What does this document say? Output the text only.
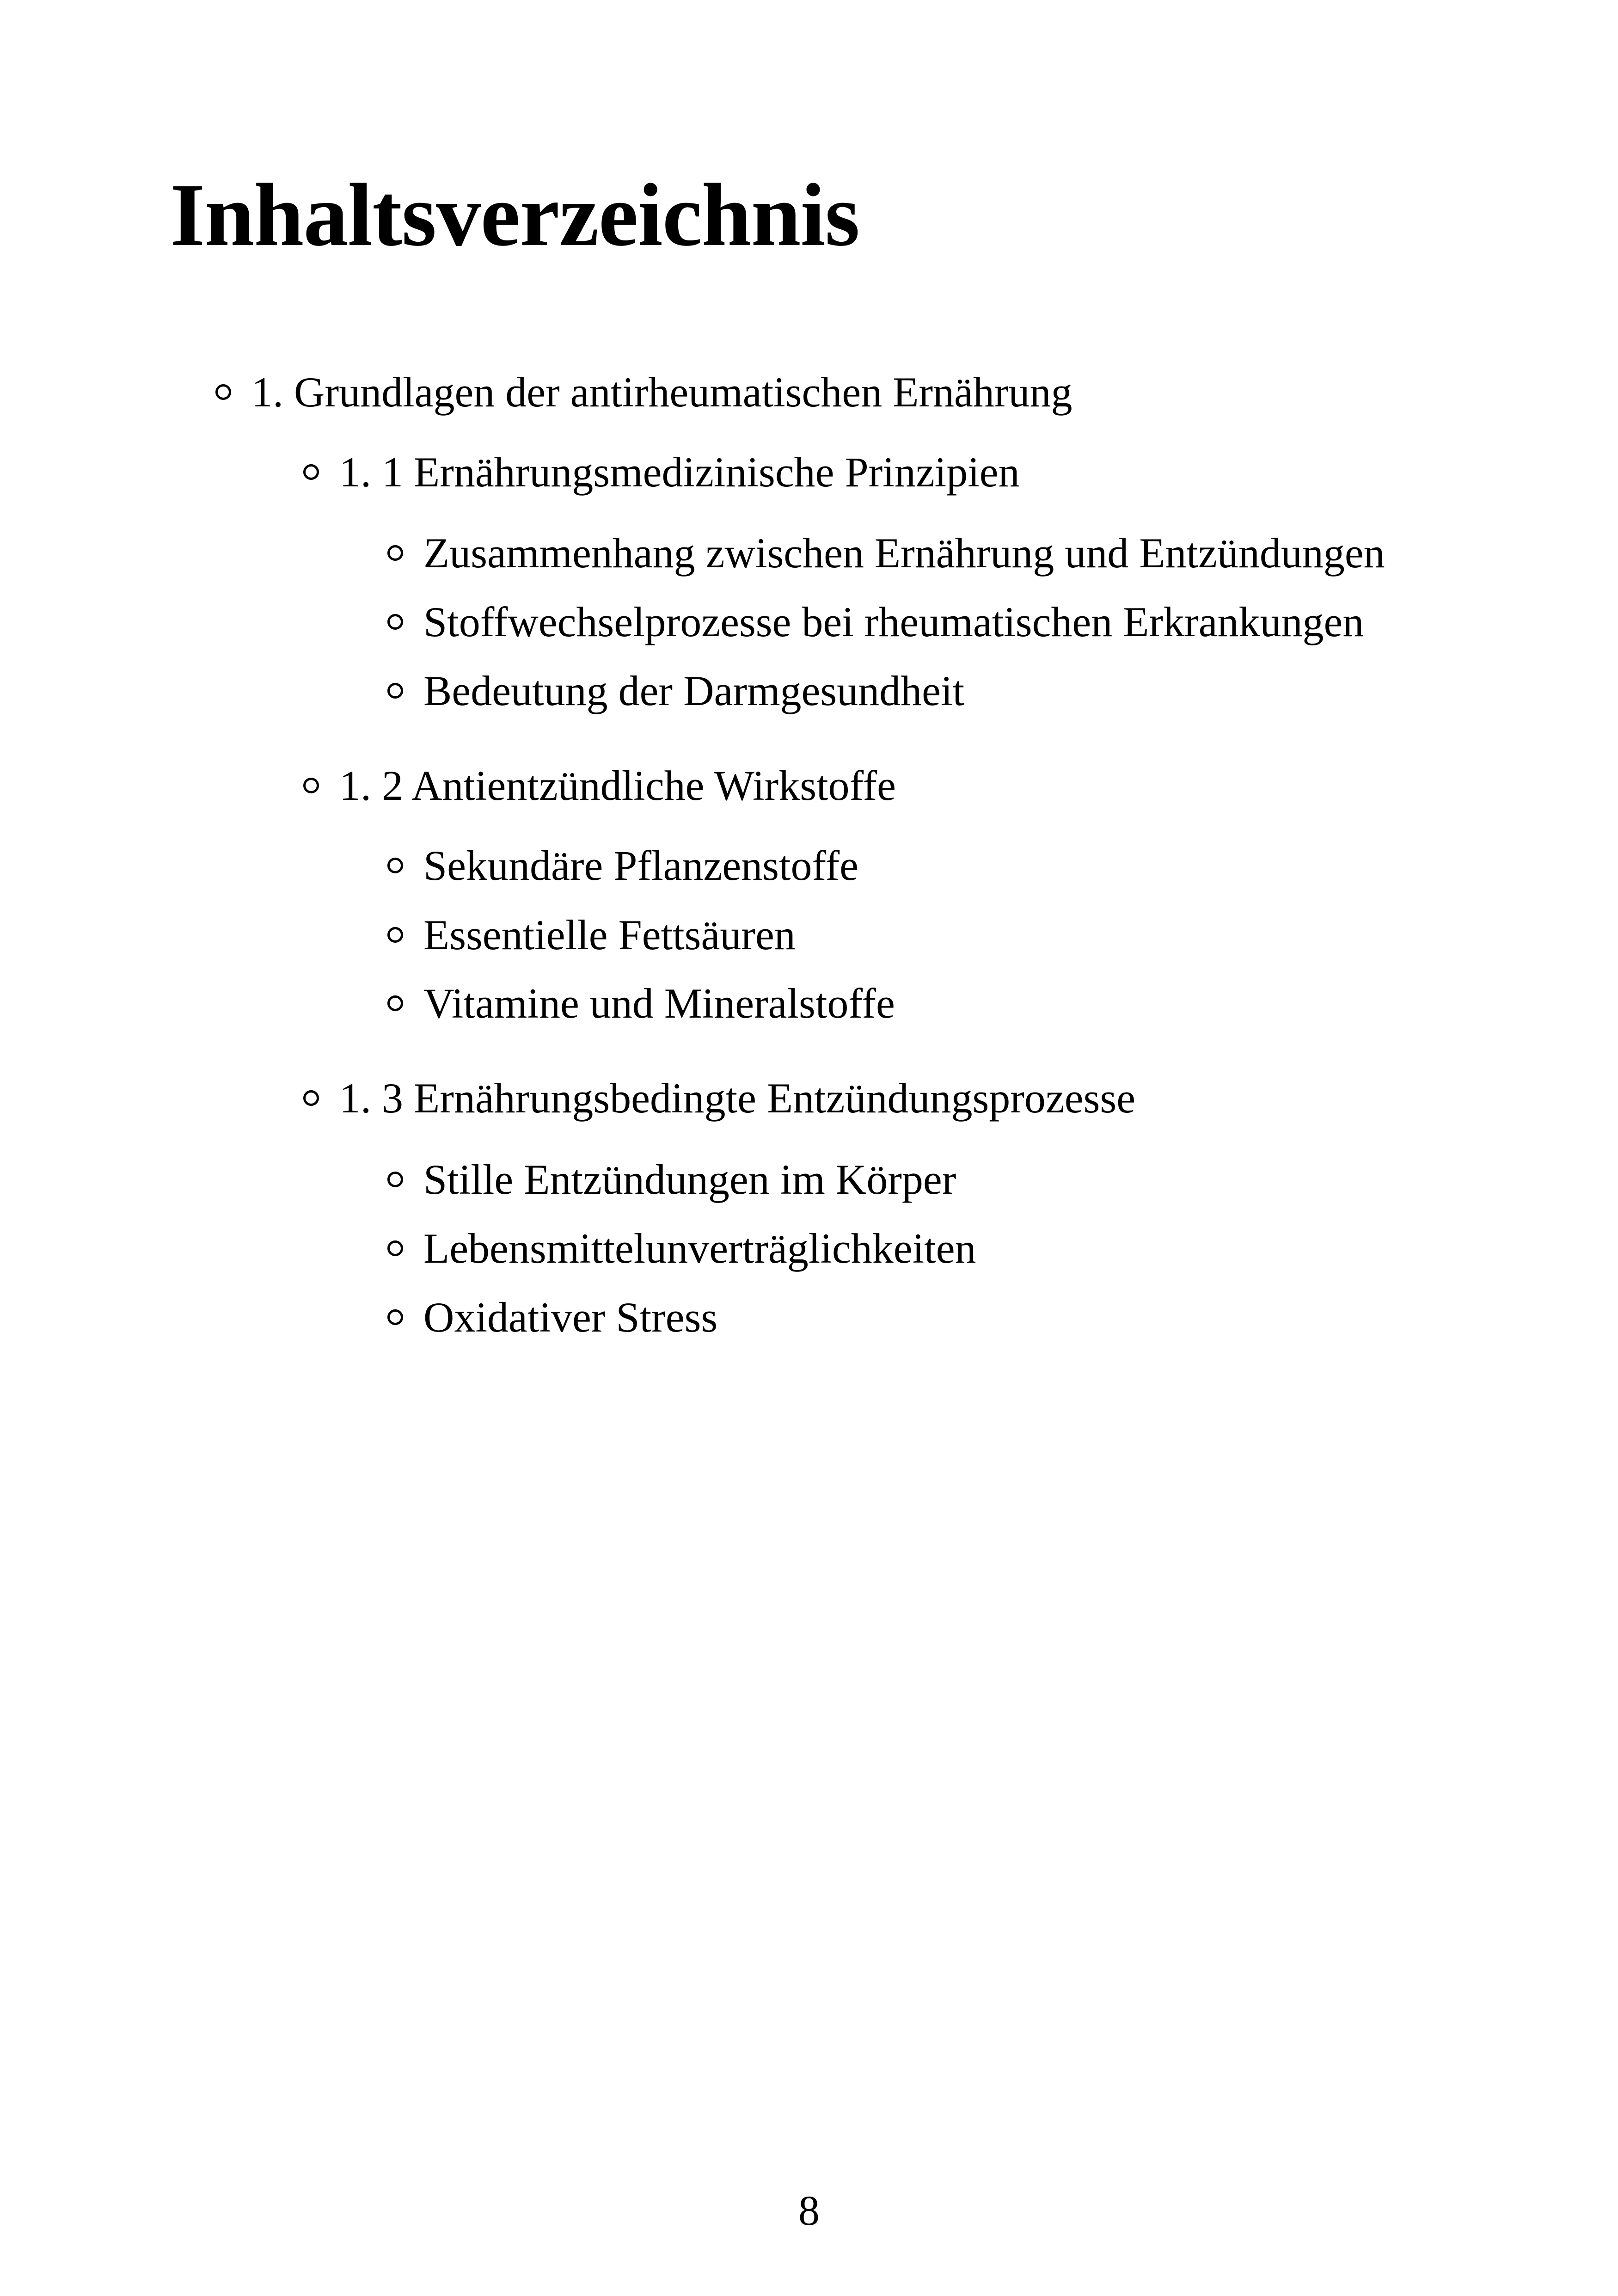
Inhaltsverzeichnis
1. Grundlagen der antirheumatischen Ernährung
1. 1 Ernährungsmedizinische Prinzipien
Zusammenhang zwischen Ernährung und Entzündungen
Stoffwechselprozesse bei rheumatischen Erkrankungen
Bedeutung der Darmgesundheit
1. 2 Antientzündliche Wirkstoffe
Sekundäre Pflanzenstoffe
Essentielle Fettsäuren
Vitamine und Mineralstoffe
1. 3 Ernährungsbedingte Entzündungsprozesse
Stille Entzündungen im Körper
Lebensmittelunverträglichkeiten
Oxidativer Stress
8
